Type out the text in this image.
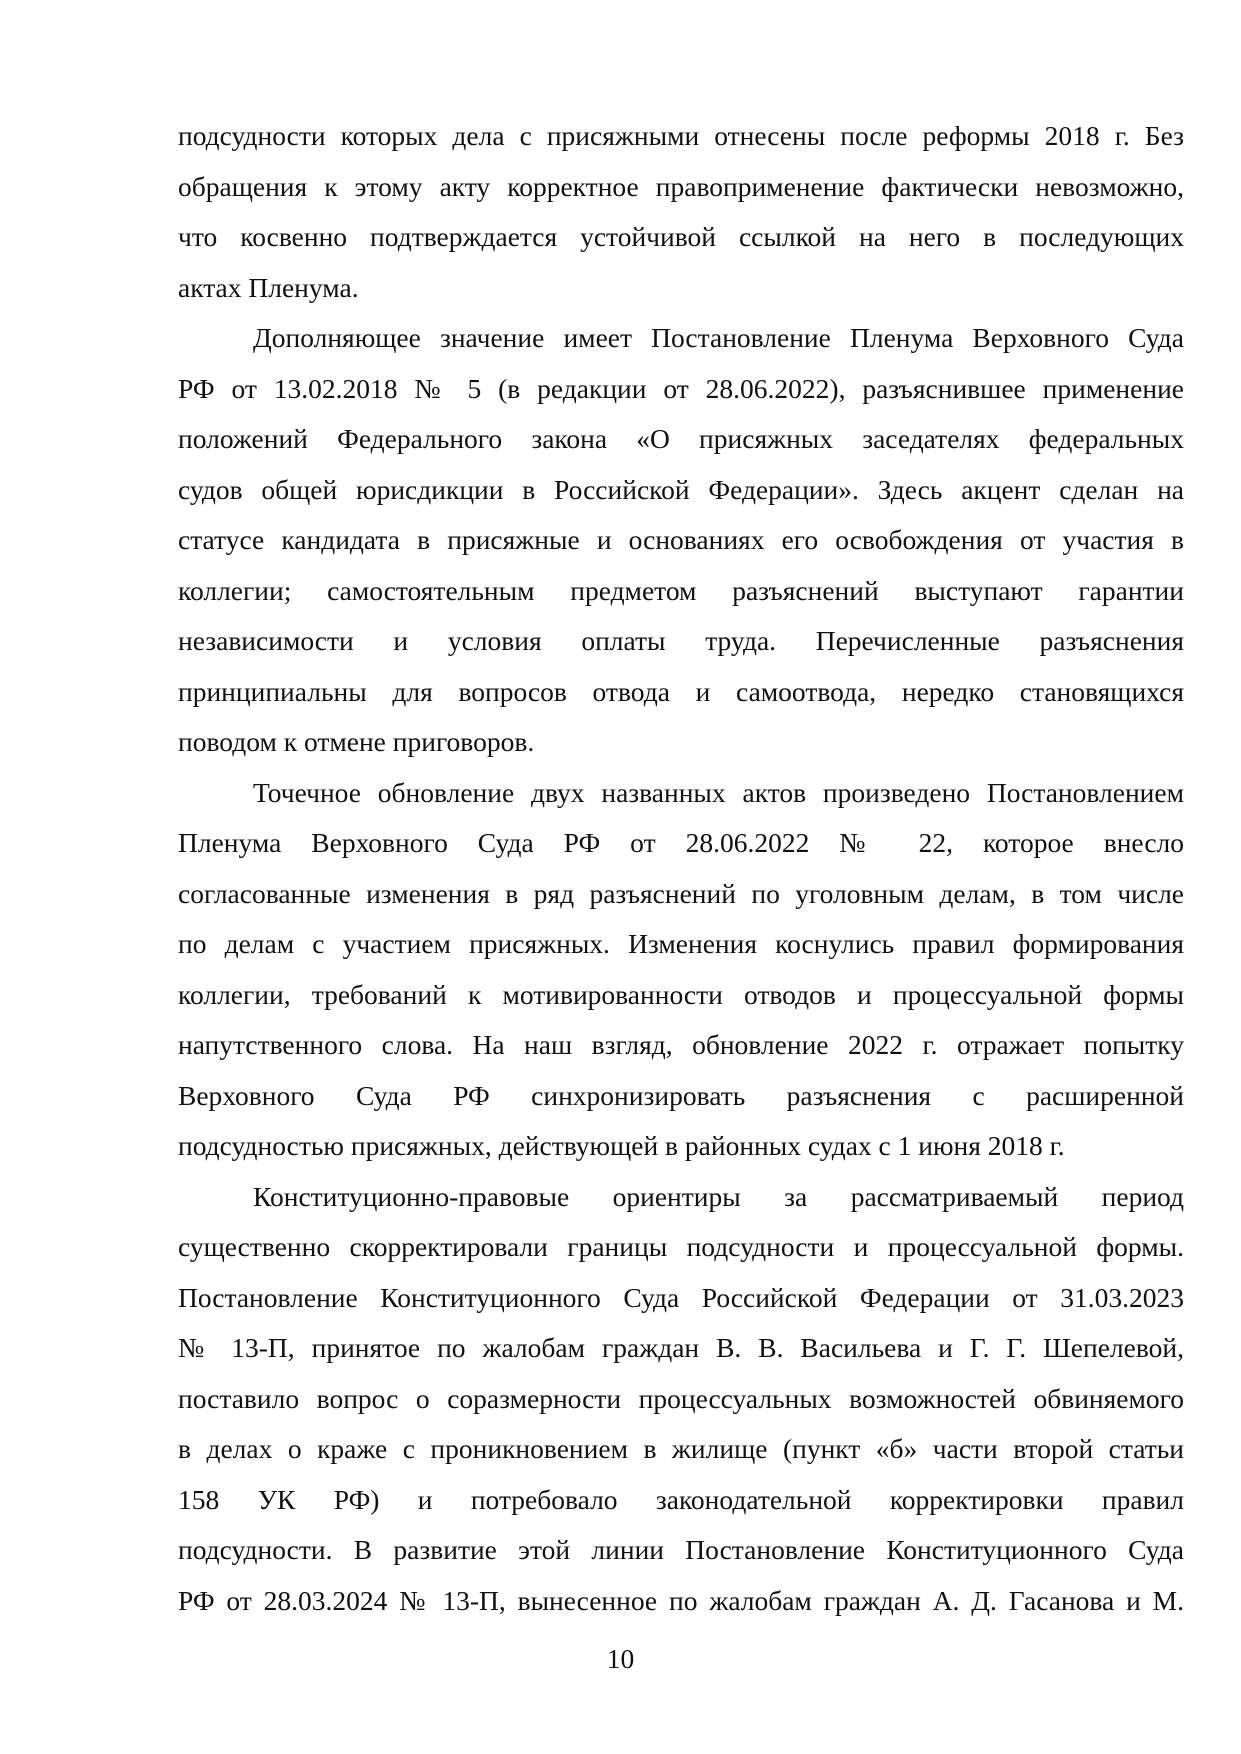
подсудности которых дела с присяжными отнесены после реформы 2018 г. Без
обращения к этому акту корректное правоприменение фактически невозможно,
что косвенно подтверждается устойчивой ссылкой на него в последующих
актах Пленума.
Дополняющее значение имеет Постановление Пленума Верховного Суда
РФ от 13.02.2018 № 5 (в редакции от 28.06.2022), разъяснившее применение
положений Федерального закона «О присяжных заседателях федеральных
судов общей юрисдикции в Российской Федерации». Здесь акцент сделан на
статусе кандидата в присяжные и основаниях его освобождения от участия в
коллегии; самостоятельным предметом разъяснений выступают гарантии
независимости и условия оплаты труда. Перечисленные разъяснения
принципиальны для вопросов отвода и самоотвода, нередко становящихся
поводом к отмене приговоров.
Точечное обновление двух названных актов произведено Постановлением
Пленума Верховного Суда РФ от 28.06.2022 № 22, которое внесло
согласованные изменения в ряд разъяснений по уголовным делам, в том числе
по делам с участием присяжных. Изменения коснулись правил формирования
коллегии, требований к мотивированности отводов и процессуальной формы
напутственного слова. На наш взгляд, обновление 2022 г. отражает попытку
Верховного Суда РФ синхронизировать разъяснения с расширенной
подсудностью присяжных, действующей в районных судах с 1 июня 2018 г.
Конституционно-правовые ориентиры за рассматриваемый период
существенно скорректировали границы подсудности и процессуальной формы.
Постановление Конституционного Суда Российской Федерации от 31.03.2023
№ 13-П, принятое по жалобам граждан В. В. Васильева и Г. Г. Шепелевой,
поставило вопрос о соразмерности процессуальных возможностей обвиняемого
в делах о краже с проникновением в жилище (пункт «б» части второй статьи
158 УК РФ) и потребовало законодательной корректировки правил
подсудности. В развитие этой линии Постановление Конституционного Суда
РФ от 28.03.2024 № 13-П, вынесенное по жалобам граждан А. Д. Гасанова и М.
10
